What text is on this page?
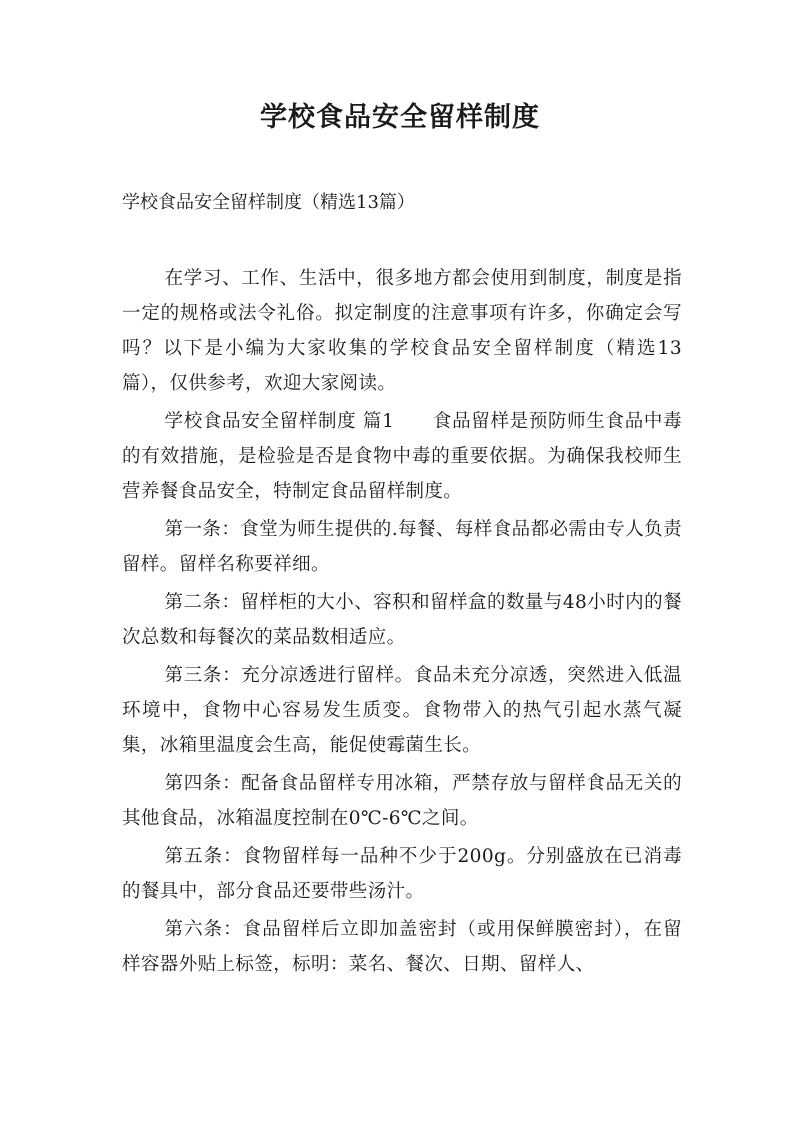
学校食品安全留样制度

学校食品安全留样制度（精选13篇）

在学习、工作、生活中，很多地方都会使用到制度，制度是指一定的规格或法令礼俗。拟定制度的注意事项有许多，你确定会写吗？以下是小编为大家收集的学校食品安全留样制度（精选13篇），仅供参考，欢迎大家阅读。

学校食品安全留样制度 篇1　　食品留样是预防师生食品中毒的有效措施，是检验是否是食物中毒的重要依据。为确保我校师生营养餐食品安全，特制定食品留样制度。

第一条：食堂为师生提供的.每餐、每样食品都必需由专人负责留样。留样名称要祥细。

第二条：留样柜的大小、容积和留样盒的数量与48小时内的餐次总数和每餐次的菜品数相适应。

第三条：充分凉透进行留样。食品未充分凉透，突然进入低温环境中，食物中心容易发生质变。食物带入的热气引起水蒸气凝集，冰箱里温度会生高，能促使霉菌生长。

第四条：配备食品留样专用冰箱，严禁存放与留样食品无关的其他食品，冰箱温度控制在0℃-6℃之间。

第五条：食物留样每一品种不少于200g。分别盛放在已消毒的餐具中，部分食品还要带些汤汁。

第六条：食品留样后立即加盖密封（或用保鲜膜密封），在留样容器外贴上标签，标明：菜名、餐次、日期、留样人、
